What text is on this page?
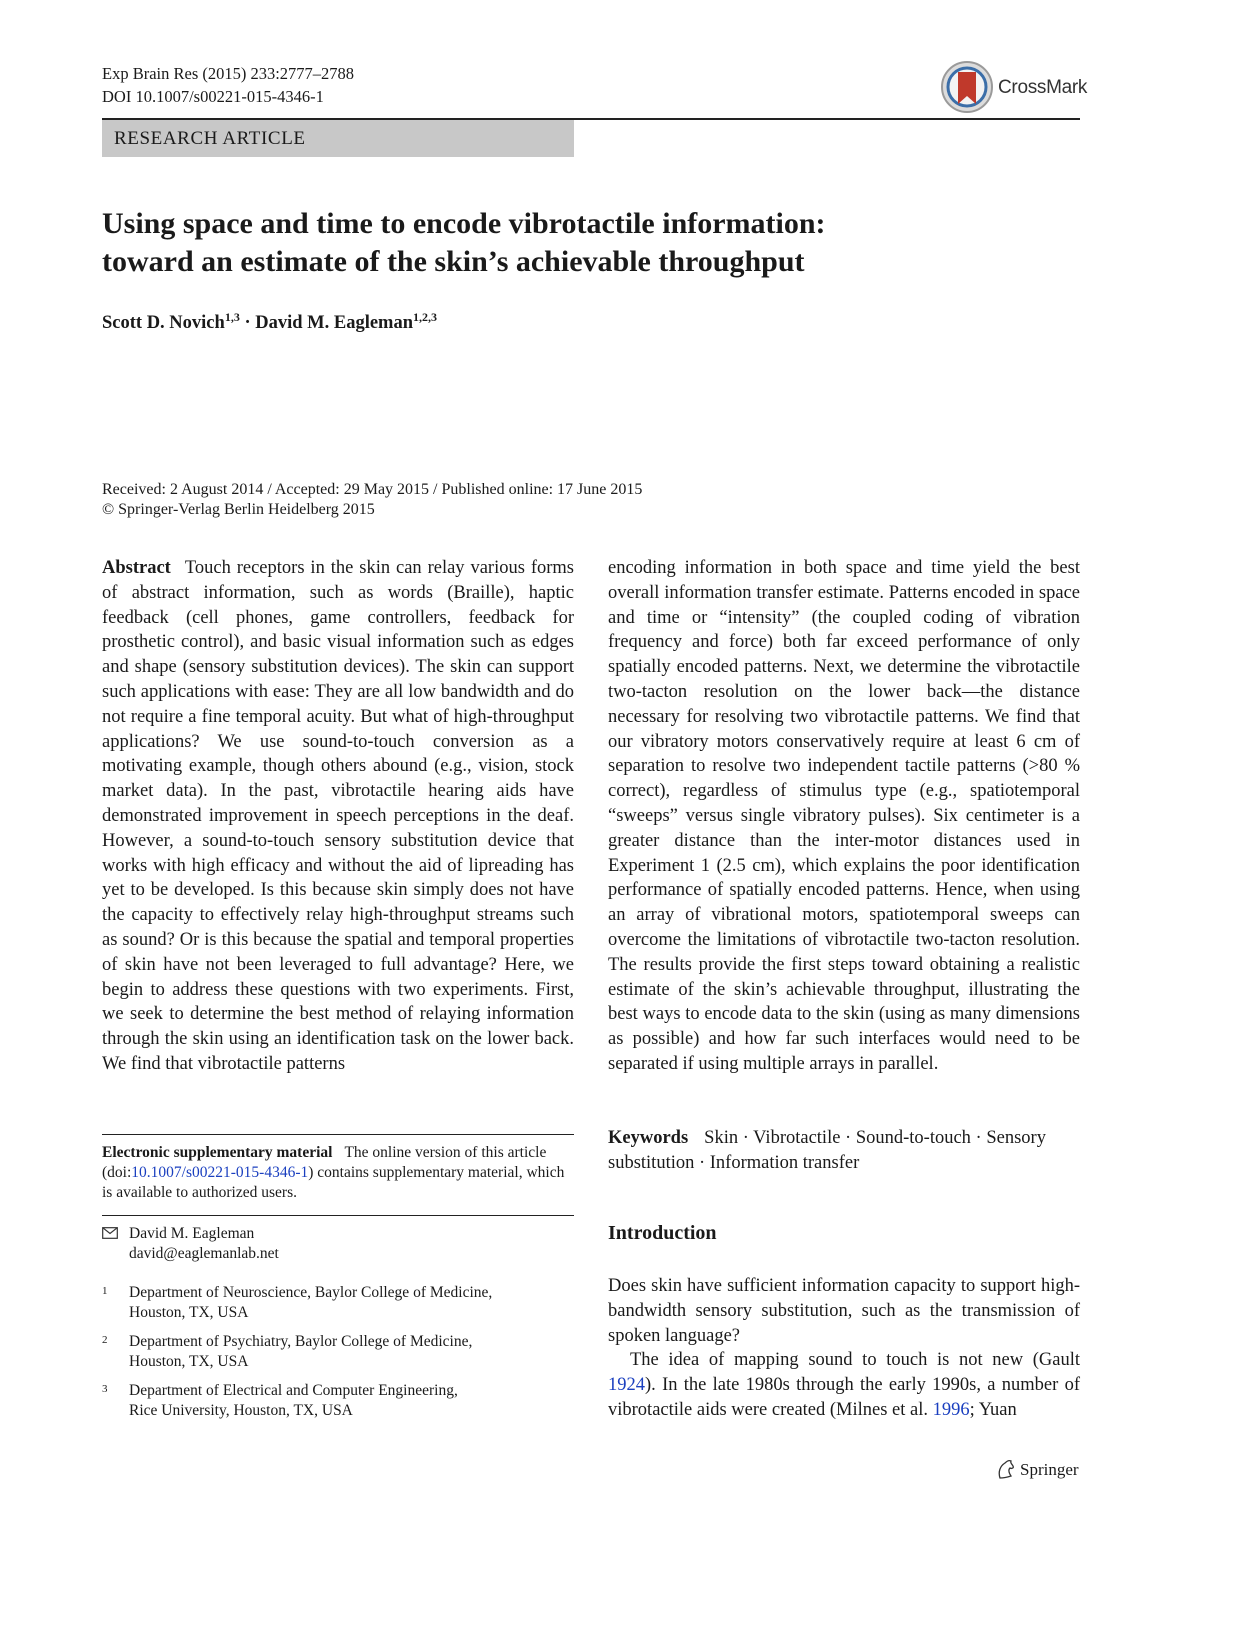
Exp Brain Res (2015) 233:2777–2788
DOI 10.1007/s00221-015-4346-1	CrossMark
RESEARCH ARTICLE
Using space and time to encode vibrotactile information:
toward an estimate of the skin’s achievable throughput
Scott D. Novich$^{1,3}$ · David M. Eagleman$^{1,2,3}$
Received: 2 August 2014 / Accepted: 29 May 2015 / Published online: 17 June 2015
© Springer-Verlag Berlin Heidelberg 2015
Abstract Touch receptors in the skin can relay various forms of abstract information, such as words (Braille), haptic feedback (cell phones, game controllers, feedback for prosthetic control), and basic visual information such as edges and shape (sensory substitution devices). The skin can support such applications with ease: They are all low bandwidth and do not require a fine temporal acuity. But what of high-throughput applications? We use sound-to-touch conversion as a motivating example, though others abound (e.g., vision, stock market data). In the past, vibrotactile hearing aids have demonstrated improvement in speech perceptions in the deaf. However, a sound-to-touch sensory substitution device that works with high efficacy and without the aid of lipreading has yet to be developed. Is this because skin simply does not have the capacity to effectively relay high-throughput streams such as sound? Or is this because the spatial and temporal properties of skin have not been leveraged to full advantage? Here, we begin to address these questions with two experiments. First, we seek to determine the best method of relaying information through the skin using an identification task on the lower back. We find that vibrotactile patterns
encoding information in both space and time yield the best overall information transfer estimate. Patterns encoded in space and time or “intensity” (the coupled coding of vibration frequency and force) both far exceed performance of only spatially encoded patterns. Next, we determine the vibrotactile two-tacton resolution on the lower back—the distance necessary for resolving two vibrotactile patterns. We find that our vibratory motors conservatively require at least 6 cm of separation to resolve two independent tactile patterns (>80 % correct), regardless of stimulus type (e.g., spatiotemporal “sweeps” versus single vibratory pulses). Six centimeter is a greater distance than the inter-motor distances used in Experiment 1 (2.5 cm), which explains the poor identification performance of spatially encoded patterns. Hence, when using an array of vibrational motors, spatiotemporal sweeps can overcome the limitations of vibrotactile two-tacton resolution. The results provide the first steps toward obtaining a realistic estimate of the skin’s achievable throughput, illustrating the best ways to encode data to the skin (using as many dimensions as possible) and how far such interfaces would need to be separated if using multiple arrays in parallel.
Keywords Skin · Vibrotactile · Sound-to-touch · Sensory substitution · Information transfer
Introduction

Does skin have sufficient information capacity to support high-bandwidth sensory substitution, such as the transmission of spoken language?

The idea of mapping sound to touch is not new (Gault 1924). In the late 1980s through the early 1990s, a number of vibrotactile aids were created (Milnes et al. 1996; Yuan

Electronic supplementary material The online version of this article (doi:10.1007/s00221-015-4346-1) contains supplementary material, which is available to authorized users.
David M. Eagleman
david@eaglemanlab.net
1 Department of Neuroscience, Baylor College of Medicine,
Houston, TX, USA
2 Department of Psychiatry, Baylor College of Medicine,
Houston, TX, USA
3 Department of Electrical and Computer Engineering,
Rice University, Houston, TX, USA
Springer
